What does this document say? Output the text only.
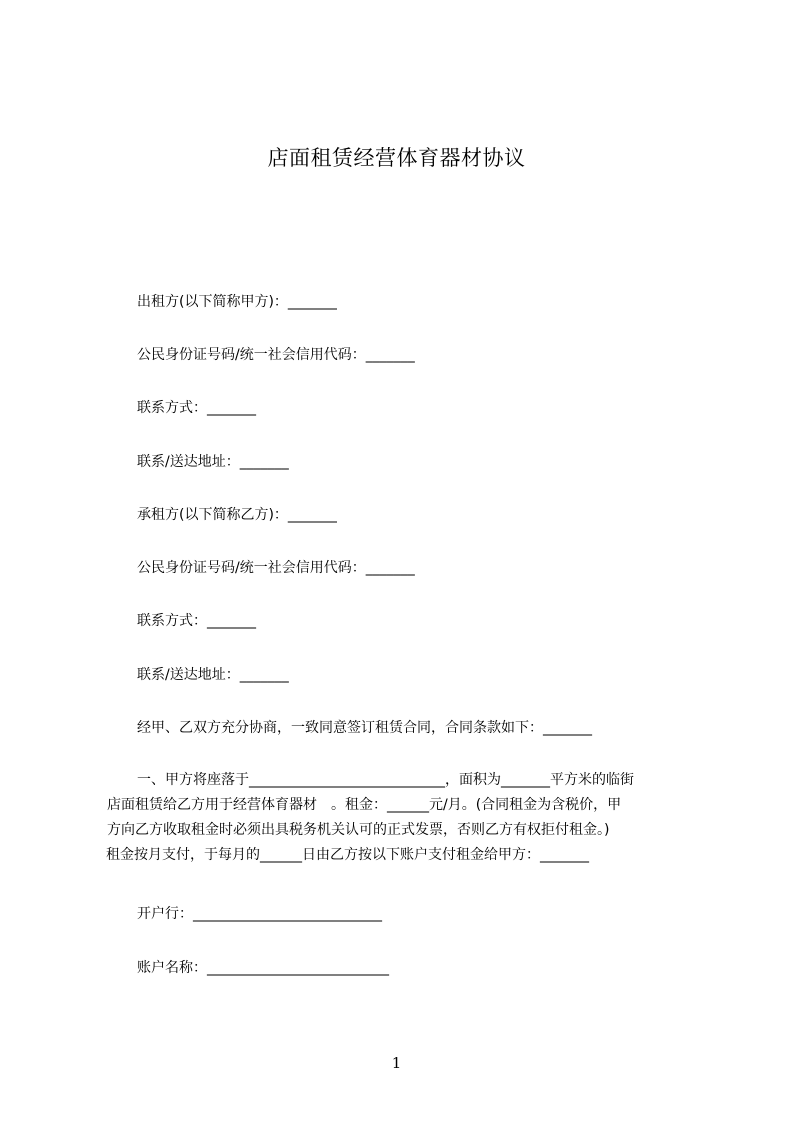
店面租赁经营体育器材协议
出租方(以下简称甲方)：_______
公民身份证号码/统一社会信用代码：_______
联系方式：_______
联系/送达地址：_______
承租方(以下简称乙方)：_______
公民身份证号码/统一社会信用代码：_______
联系方式：_______
联系/送达地址：_______
经甲、乙双方充分协商，一致同意签订租赁合同，合同条款如下：_______

一、甲方将座落于____________________________，面积为_______平方米的临街

店面租赁给乙方用于经营体育器材　。租金：______元/月。(合同租金为含税价，甲

方向乙方收取租金时必须出具税务机关认可的正式发票，否则乙方有权拒付租金。)

租金按月支付，于每月的______日由乙方按以下账户支付租金给甲方：_______

开户行：___________________________
账户名称：__________________________
1
